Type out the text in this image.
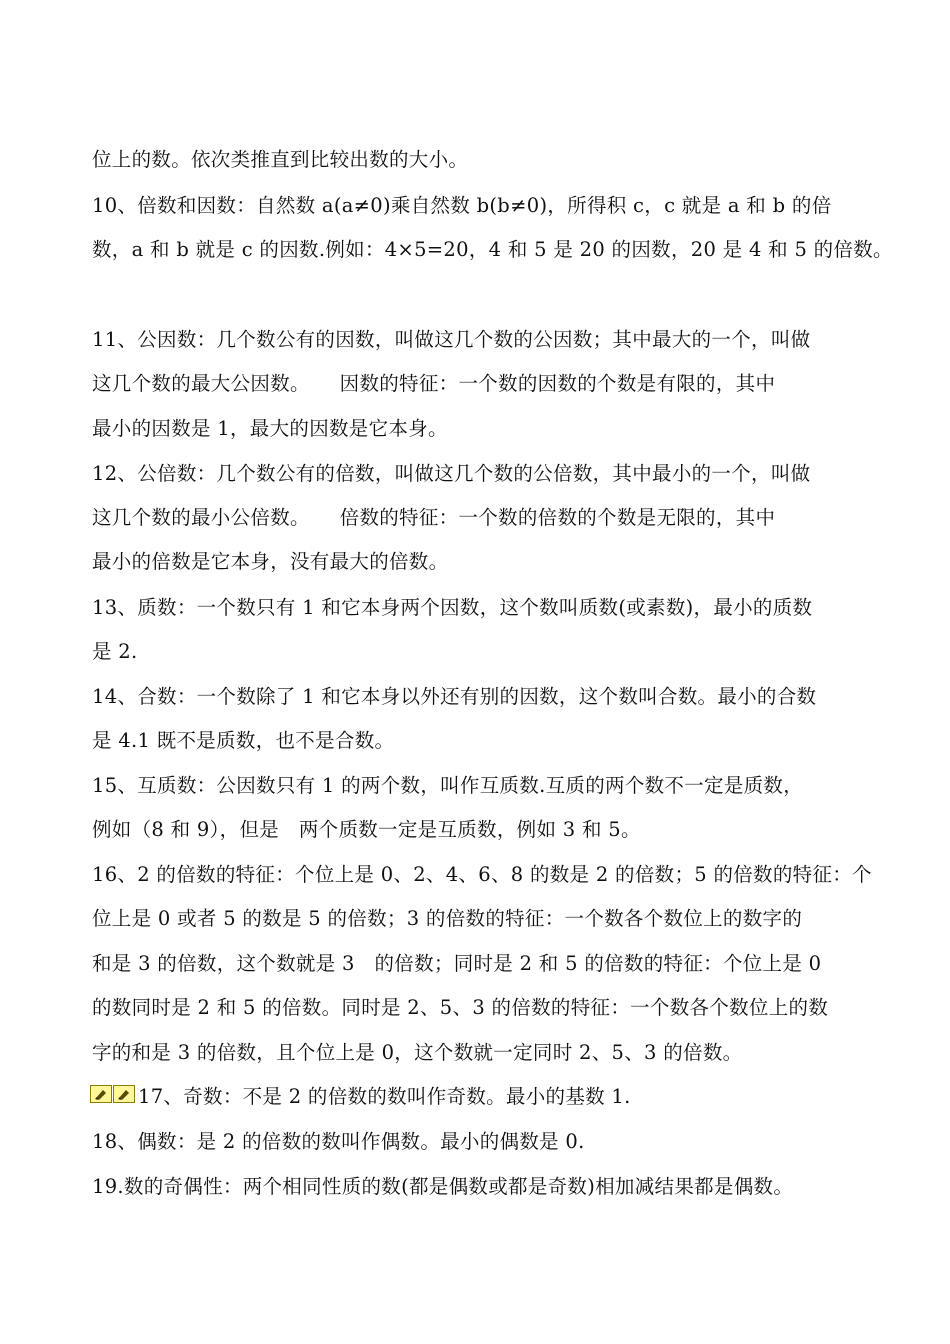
位上的数。依次类推直到比较出数的大小。
10、倍数和因数：自然数 a(a≠0)乘自然数 b(b≠0)，所得积 c，c 就是 a 和 b 的倍
数，a 和 b 就是 c 的因数.例如：4×5=20，4 和 5 是 20 的因数，20 是 4 和 5 的倍数。
11、公因数：几个数公有的因数，叫做这几个数的公因数；其中最大的一个，叫做
这几个数的最大公因数。　　因数的特征：一个数的因数的个数是有限的，其中
最小的因数是 1，最大的因数是它本身。
12、公倍数：几个数公有的倍数，叫做这几个数的公倍数，其中最小的一个，叫做
这几个数的最小公倍数。　　倍数的特征：一个数的倍数的个数是无限的，其中
最小的倍数是它本身，没有最大的倍数。
13、质数：一个数只有 1 和它本身两个因数，这个数叫质数(或素数)，最小的质数
是 2.
14、合数：一个数除了 1 和它本身以外还有别的因数，这个数叫合数。最小的合数
是 4.1 既不是质数，也不是合数。
15、互质数：公因数只有 1 的两个数，叫作互质数.互质的两个数不一定是质数，
例如（8 和 9），但是　两个质数一定是互质数，例如 3 和 5。
16、2 的倍数的特征：个位上是 0、2、4、6、8 的数是 2 的倍数；5 的倍数的特征：个
位上是 0 或者 5 的数是 5 的倍数；3 的倍数的特征：一个数各个数位上的数字的
和是 3 的倍数，这个数就是 3　的倍数；同时是 2 和 5 的倍数的特征：个位上是 0
的数同时是 2 和 5 的倍数。同时是 2、5、3 的倍数的特征：一个数各个数位上的数
字的和是 3 的倍数，且个位上是 0，这个数就一定同时 2、5、3 的倍数。
17、奇数：不是 2 的倍数的数叫作奇数。最小的基数 1.
18、偶数：是 2 的倍数的数叫作偶数。最小的偶数是 0.
19.数的奇偶性：两个相同性质的数(都是偶数或都是奇数)相加减结果都是偶数。
